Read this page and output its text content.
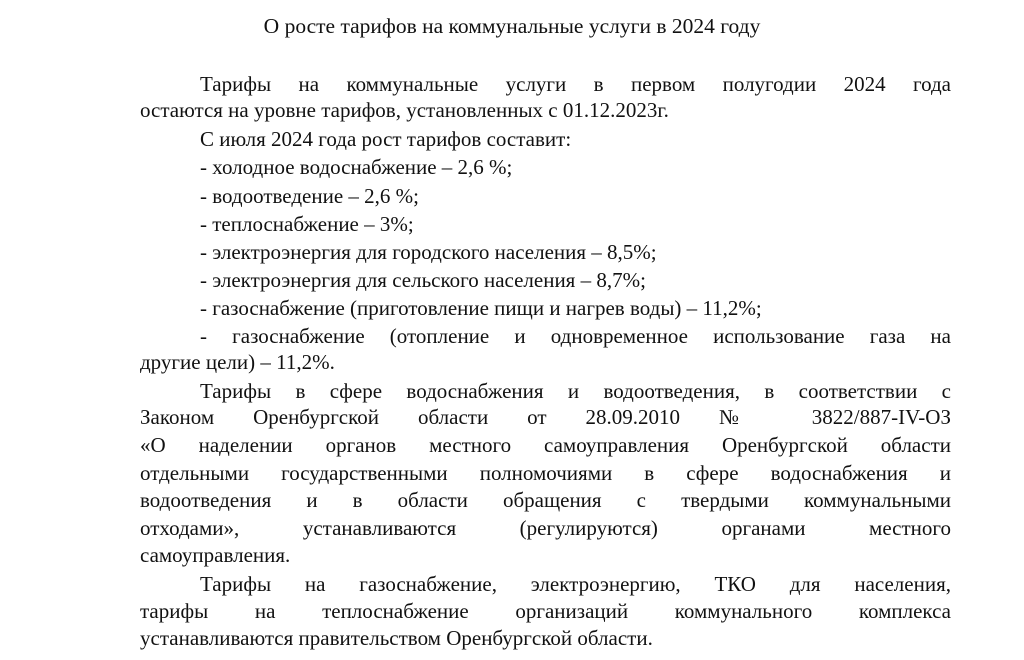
О росте тарифов на коммунальные услуги в 2024 году
Тарифы на коммунальные услуги в первом полугодии 2024 года
остаются на уровне тарифов, установленных с 01.12.2023г.
С июля 2024 года рост тарифов составит:
- холодное водоснабжение – 2,6 %;
- водоотведение – 2,6 %;
- теплоснабжение – 3%;
- электроэнергия для городского населения – 8,5%;
- электроэнергия для сельского населения – 8,7%;
- газоснабжение (приготовление пищи и нагрев воды) – 11,2%;
- газоснабжение (отопление и одновременное использование газа на
другие цели) – 11,2%.
Тарифы в сфере водоснабжения и водоотведения, в соответствии с
Законом Оренбургской области от 28.09.2010 № 3822/887-IV-ОЗ
«О наделении органов местного самоуправления Оренбургской области
отдельными государственными полномочиями в сфере водоснабжения и
водоотведения и в области обращения с твердыми коммунальными
отходами», устанавливаются (регулируются) органами местного
самоуправления.
Тарифы на газоснабжение, электроэнергию, ТКО для населения,
тарифы на теплоснабжение организаций коммунального комплекса
устанавливаются правительством Оренбургской области.
